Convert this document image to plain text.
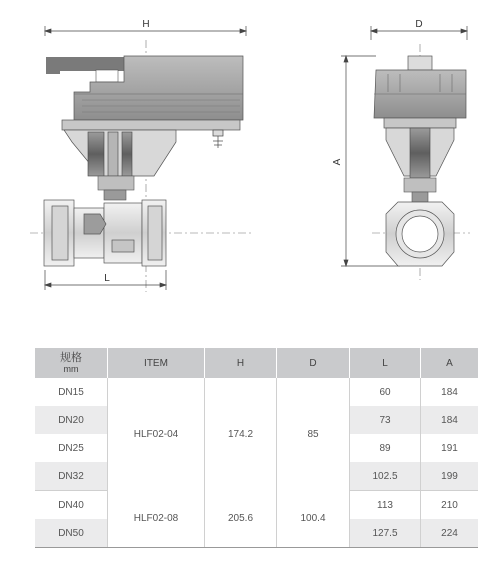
H
L
D
A
规格
mm	ITEM	H	D	L	A
DN15	HLF02-04	174.2	85	60	184
DN20				73	184
DN25				89	191
DN32				102.5	199
DN40	HLF02-08	205.6	100.4	113	210
DN50				127.5	224
